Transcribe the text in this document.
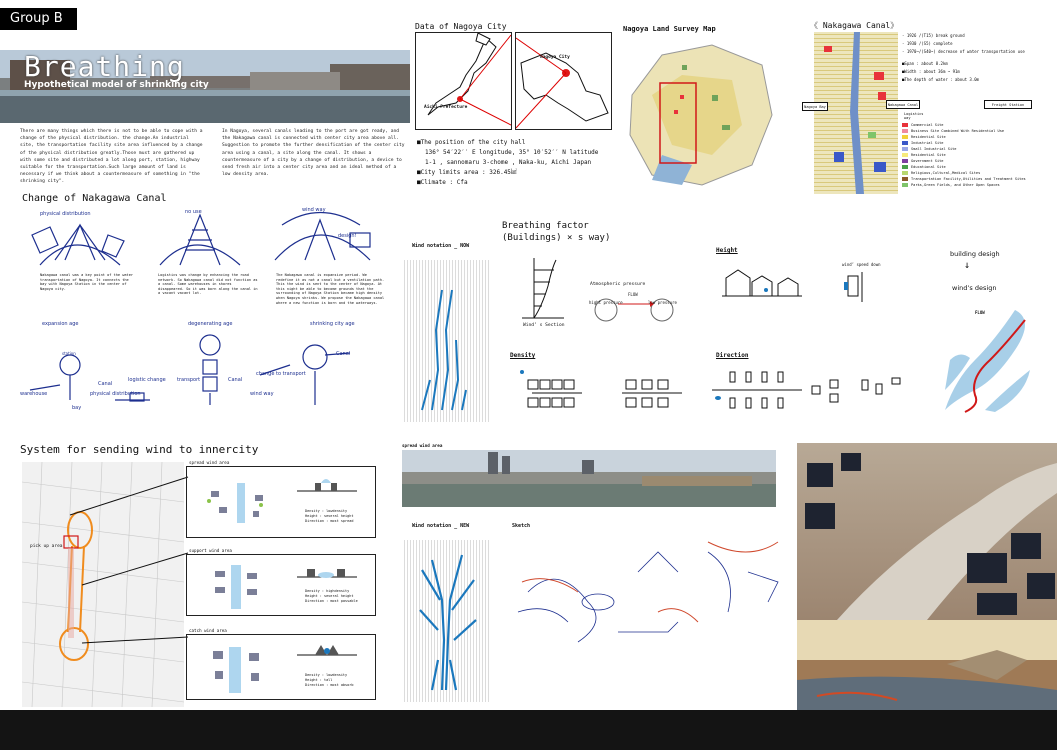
Group B
Breathing
Hypothetical model of shrinking city
There are many things which there is not to be able to cope with a change of the physical distribution. the change.An industrial site, the transportation facility site area influenced by a change of the physical distribution greatly.Those must are gathered up with some site and distributed a lot along port, station, highway suitable for the transportation.Such large amount of land is necessary if we think about a countermeasure of something in "the shrinking city".
In Nagoya, several canals leading to the port are got ready, and the Nakagawa canal is connected with center city area above all. Suggestion to promote the further densification of the center city area using a canal, a site along the canal. It shows a countermeasure of a city by a change of distribution, a device to send fresh air into a center city area and an ideal method of a low density area.
Data of Nagoya City
Aichi Prefecture
Nagoya City
■The position of the city hall
136° 54′22′′ E longitude, 35° 10′52′′ N latitude
1-1 , sannomaru 3-chome , Naka-ku, Aichi Japan
■City limits area : 326.45㎢
■Climate : Cfa
Nagoya Land Survey Map	《 Nakagawa Canal》
Nagoya Bay	Nakagawa Canal	Freight Station
Logistics way
- 1926 /(T15) break ground
- 1930 /(S5) complete
- 1970~/(S40~) decrease of water transportation use
■Span : about 8.2km
■Width : about 36m ~ 91m
■The depth of water : about 3.0m
Commercial Site
Business Site Combined With Residential Use
Residential Site
Industrial Site
Small Industrial Site
Residential Site
Government Site
Educational Site
Religious,Cultural,Medical Sites
Transportation Facility,Utilities and Treatment Sites
Parks,Green Fields, and Other Open Spaces
Change of Nakagawa Canal
Nakagawa canal was a key point of the water transportation of Nagoya. It connects the bay with Nagoya Station in the center of Nagoya city.
Logistics was change by enhancing the road network. So Nakagawa canal did not function as a canal. Some warehouses in shores disappeared. So it was born along the canal in a vacant vacant lot.
The Nakagawa canal is expansive period. We redefine it as not a canal but a ventilation path. This the wind is sent to the center of Nagoya. At this night be able to become grounds that the surrounding of Nagoya Station became high density when Nagoya shrinks. We propose the Nakagawa canal where a new function is born and the waterways.
physical distribution	no use	wind way
design!
expansion age	degenerating age	shrinking city age
station
warehouse
bay
Canal
physical distribution
logistic change transport
wind way
Canal
change to transport
Canal
Breathing factor
(Buildings) × s way)
Wind notation _ NOW
Wind’ s Section
Atmospheric pressure
FLOW
hight pressure	low pressure
Height
wind’ speed down
building desigh
↓
wind’s design
FLOW
Density	Direction
System for sending wind to innercity
pick up area
spread wind area
Density : lowdensity
Height : several height
Direction : most spread
support wind area
Density : highdensity
Height : several height
Direction : most passable
catch wind area
Density : lowdensity
Height : tall
Direction : most absorb
spread wind area
Wind notation _ NEW	Sketch
